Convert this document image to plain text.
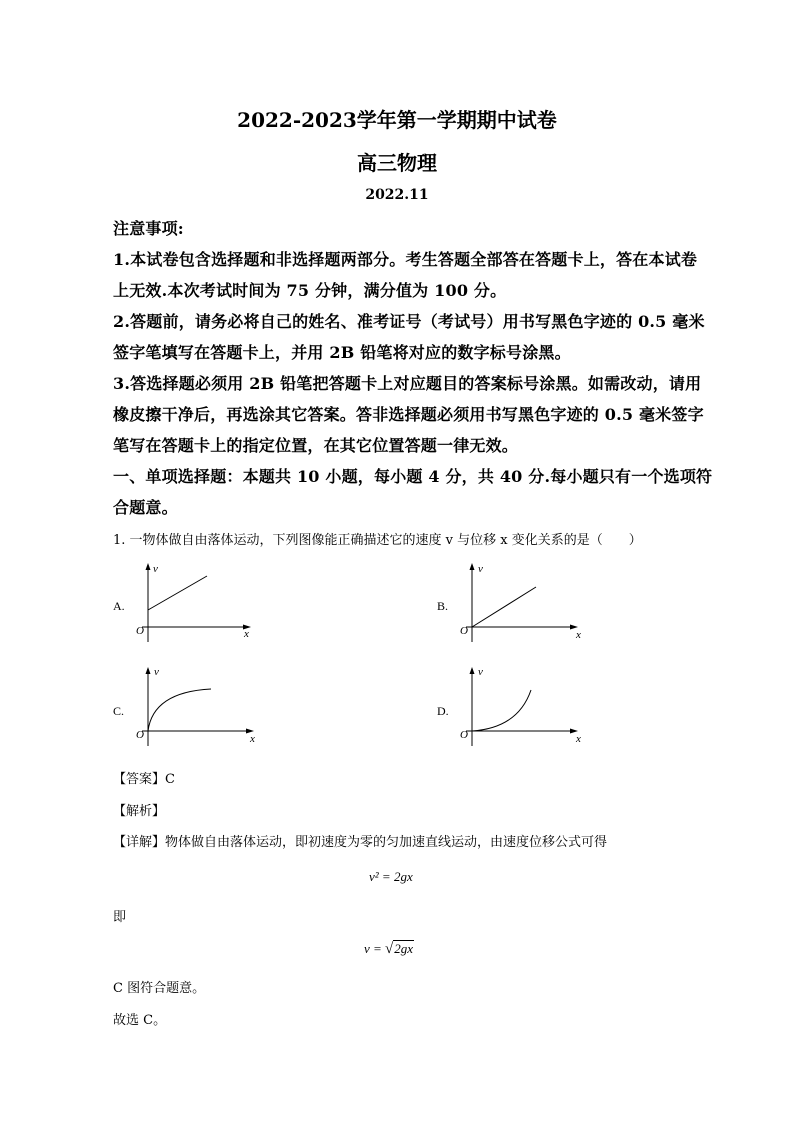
2022-2023学年第一学期期中试卷
高三物理
2022.11
注意事项:
1.本试卷包含选择题和非选择题两部分。考生答题全部答在答题卡上，答在本试卷
上无效.本次考试时间为 75 分钟，满分值为 100 分。
2.答题前，请务必将自己的姓名、准考证号（考试号）用书写黑色字迹的 0.5 毫米
签字笔填写在答题卡上，并用 2B 铅笔将对应的数字标号涂黑。
3.答选择题必须用 2B 铅笔把答题卡上对应题目的答案标号涂黑。如需改动，请用
橡皮擦干净后，再选涂其它答案。答非选择题必须用书写黑色字迹的 0.5 毫米签字
笔写在答题卡上的指定位置，在其它位置答题一律无效。
一、单项选择题：本题共 10 小题，每小题 4 分，共 40 分.每小题只有一个选项符
合题意。
1. 一物体做自由落体运动，下列图像能正确描述它的速度 v 与位移 x 变化关系的是（　　）
A.
v
x
O
B.
v
x
O
C.
v
x
O
D.
v
x
O
【答案】C
【解析】
【详解】物体做自由落体运动，即初速度为零的匀加速直线运动，由速度位移公式可得
v² = 2gx
即
v = √2gx
C 图符合题意。
故选 C。
